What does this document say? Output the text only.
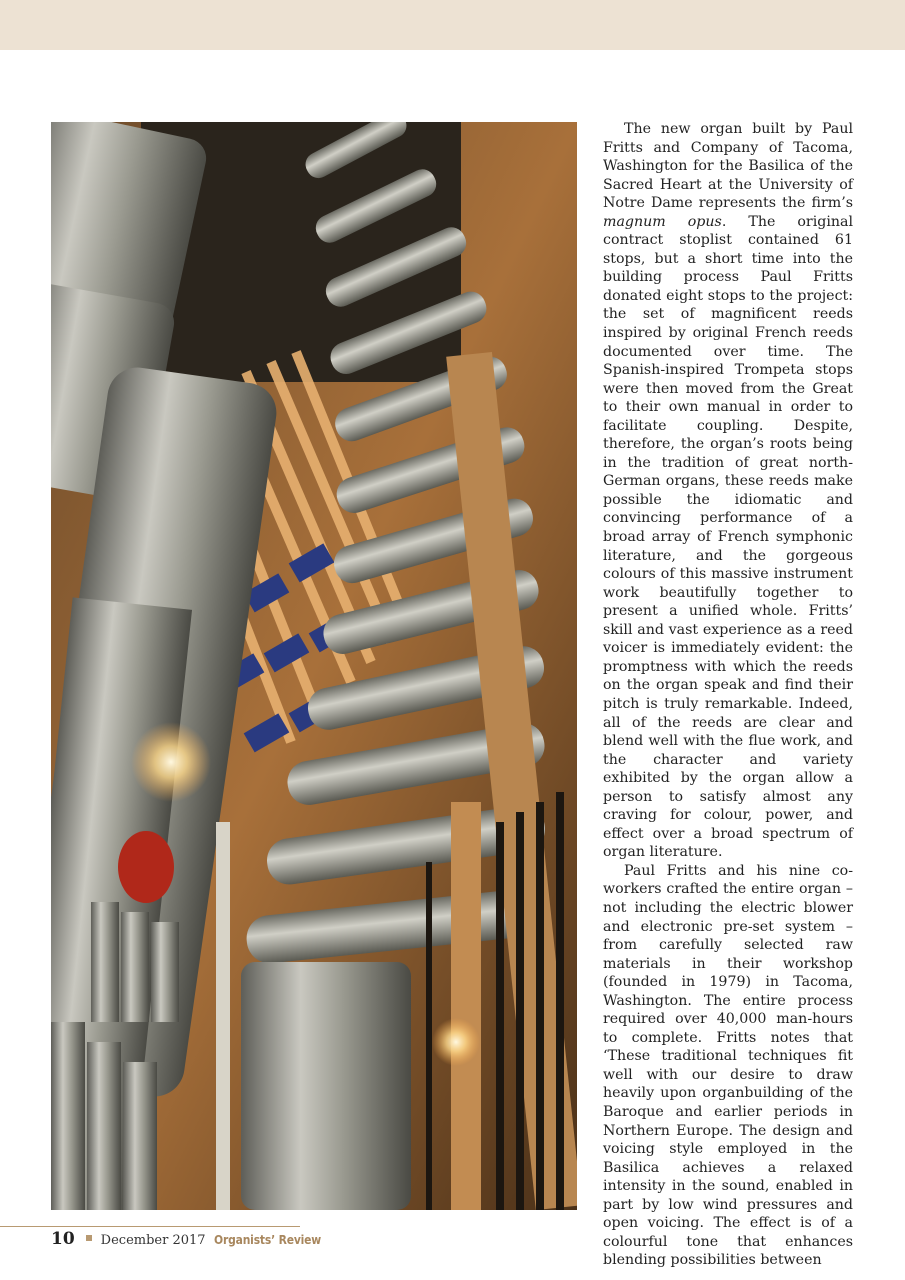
The new organ built by Paul Fritts and Company of Tacoma, Washington for the Basilica of the Sacred Heart at the University of Notre Dame represents the firm’s magnum opus. The original contract stoplist contained 61 stops, but a short time into the building process Paul Fritts donated eight stops to the project: the set of magnificent reeds inspired by original French reeds documented over time. The Spanish-inspired Trompeta stops were then moved from the Great to their own manual in order to facilitate coupling. Despite, therefore, the organ’s roots being in the tradition of great north-German organs, these reeds make possible the idiomatic and convincing performance of a broad array of French symphonic literature, and the gorgeous colours of this massive instrument work beautifully together to present a unified whole. Fritts’ skill and vast experience as a reed voicer is immediately evident: the promptness with which the reeds on the organ speak and find their pitch is truly remarkable. Indeed, all of the reeds are clear and blend well with the flue work, and the character and variety exhibited by the organ allow a person to satisfy almost any craving for colour, power, and effect over a broad spectrum of organ literature.

Paul Fritts and his nine co-workers crafted the entire organ – not including the electric blower and electronic pre-set system – from carefully selected raw materials in their workshop (founded in 1979) in Tacoma, Washington. The entire process required over 40,000 man-hours to complete. Fritts notes that ‘These traditional techniques fit well with our desire to draw heavily upon organbuilding of the Baroque and earlier periods in Northern Europe. The design and voicing style employed in the Basilica achieves a relaxed intensity in the sound, enabled in part by low wind pressures and open voicing. The effect is of a colourful tone that enhances blending possibilities between

10 December 2017 Organists’ Review
